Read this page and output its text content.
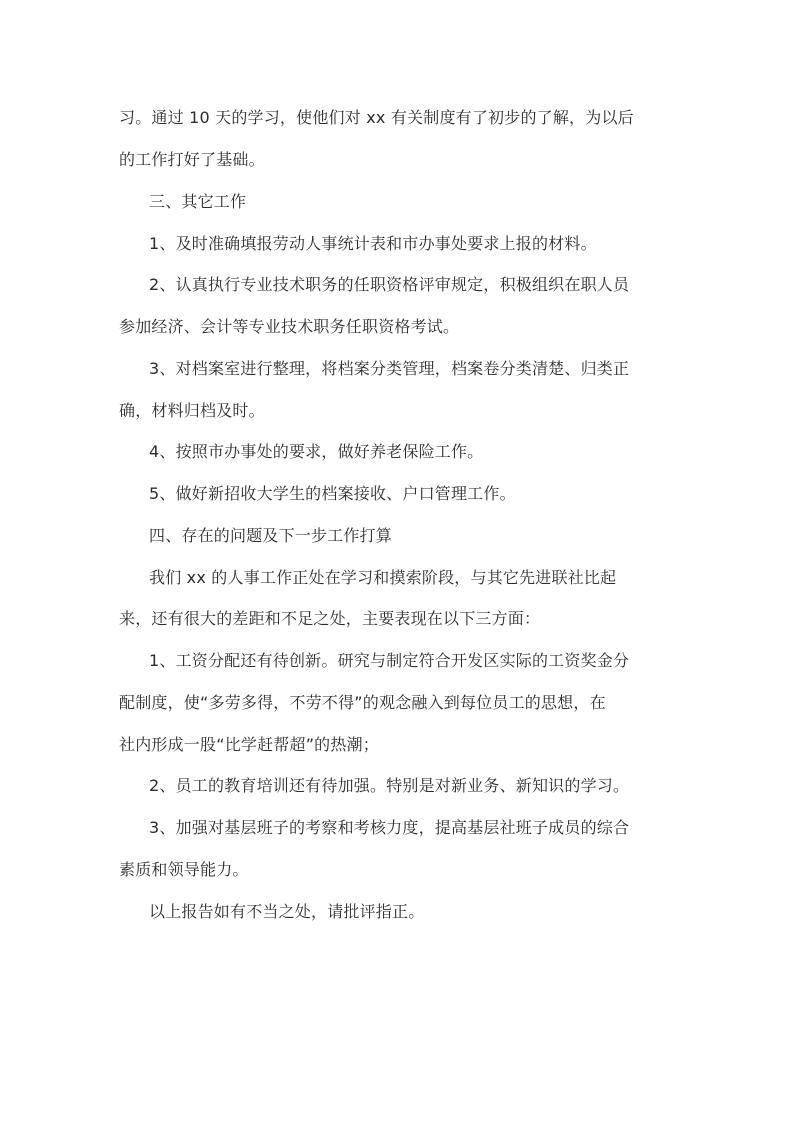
习。通过 10 天的学习，使他们对 xx 有关制度有了初步的了解，为以后
的工作打好了基础。
三、其它工作
1、及时准确填报劳动人事统计表和市办事处要求上报的材料。
2、认真执行专业技术职务的任职资格评审规定，积极组织在职人员
参加经济、会计等专业技术职务任职资格考试。
3、对档案室进行整理，将档案分类管理，档案卷分类清楚、归类正
确，材料归档及时。
4、按照市办事处的要求，做好养老保险工作。
5、做好新招收大学生的档案接收、户口管理工作。
四、存在的问题及下一步工作打算
我们 xx 的人事工作正处在学习和摸索阶段，与其它先进联社比起
来，还有很大的差距和不足之处，主要表现在以下三方面：
1、工资分配还有待创新。研究与制定符合开发区实际的工资奖金分
配制度，使“多劳多得，不劳不得”的观念融入到每位员工的思想，在
社内形成一股“比学赶帮超”的热潮；
2、员工的教育培训还有待加强。特别是对新业务、新知识的学习。
3、加强对基层班子的考察和考核力度，提高基层社班子成员的综合
素质和领导能力。
以上报告如有不当之处，请批评指正。
